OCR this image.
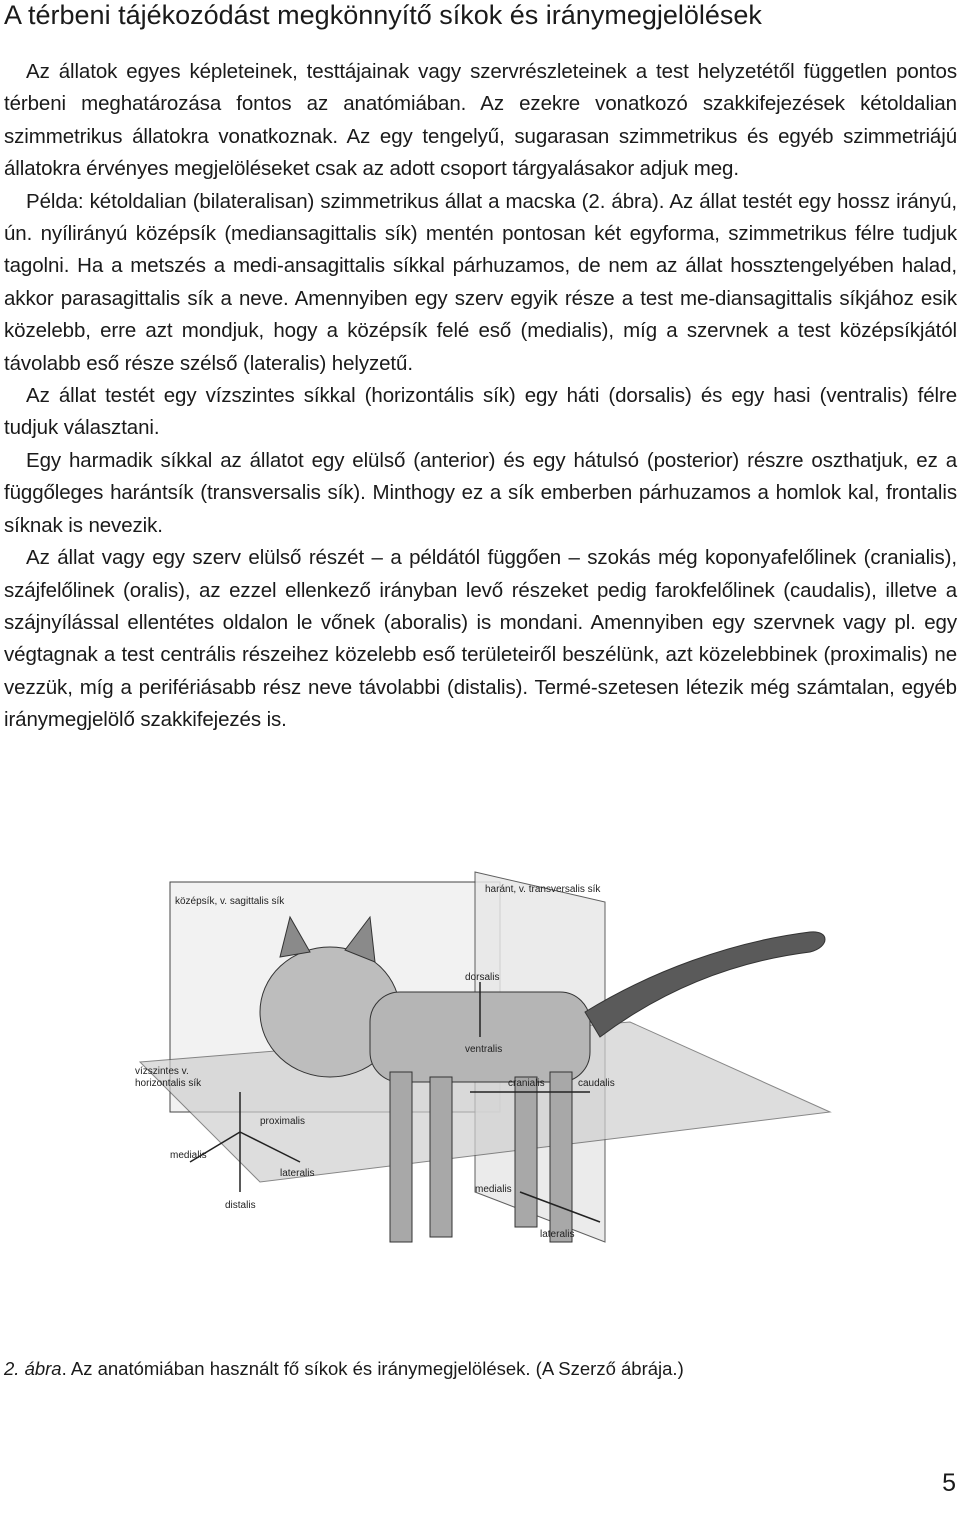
A térbeni tájékozódást megkönnyítő síkok és iránymegjelölések

Az állatok egyes képleteinek, testtájainak vagy szervrészleteinek a test helyzetétől független pontos térbeni meghatározása fontos az anatómiában. Az ezekre vonatkozó szakkifejezések kétoldalian szimmetrikus állatokra vonatkoznak. Az egy tengelyű, sugarasan szimmetrikus és egyéb szimmetriájú állatokra érvényes megjelöléseket csak az adott csoport tárgyalásakor adjuk meg.

Példa: kétoldalian (bilateralisan) szimmetrikus állat a macska (2. ábra). Az állat testét egy hossz irányú, ún. nyílirányú középsík (mediansagittalis sík) mentén pontosan két egyforma, szimmetrikus félre tudjuk tagolni. Ha a metszés a medi-ansagittalis síkkal párhuzamos, de nem az állat hossztengelyében halad, akkor parasagittalis sík a neve. Amennyiben egy szerv egyik része a test me-diansagittalis síkjához esik közelebb, erre azt mondjuk, hogy a középsík felé eső (medialis), míg a szervnek a test középsíkjától távolabb eső része szélső (lateralis) helyzetű.

Az állat testét egy vízszintes síkkal (horizontális sík) egy háti (dorsalis) és egy hasi (ventralis) félre tudjuk választani.

Egy harmadik síkkal az állatot egy elülső (anterior) és egy hátulsó (posterior) részre oszthatjuk, ez a függőleges harántsík (transversalis sík). Minthogy ez a sík emberben párhuzamos a homlok kal, frontalis síknak is nevezik.

Az állat vagy egy szerv elülső részét – a példától függően – szokás még koponyafelőlinek (cranialis), szájfelőlinek (oralis), az ezzel ellenkező irányban levő részeket pedig farokfelőlinek (caudalis), illetve a szájnyílással ellentétes oldalon le vőnek (aboralis) is mondani. Amennyiben egy szervnek vagy pl. egy végtagnak a test centrális részeihez közelebb eső területeiről beszélünk, azt közelebbinek (proximalis) ne vezzük, míg a perifériásabb rész neve távolabbi (distalis). Termé-szetesen létezik még számtalan, egyéb iránymegjelölő szakkifejezés is.

középsík, v. sagittalis sík
haránt, v. transversalis sík
vízszintes v.
horizontalis sík
dorsalis
ventralis
cranialis	caudalis
medialis
lateralis
proximalis
distalis
medialis
lateralis
2. ábra. Az anatómiában használt fő síkok és iránymegjelölések. (A Szerző ábrája.)
5
